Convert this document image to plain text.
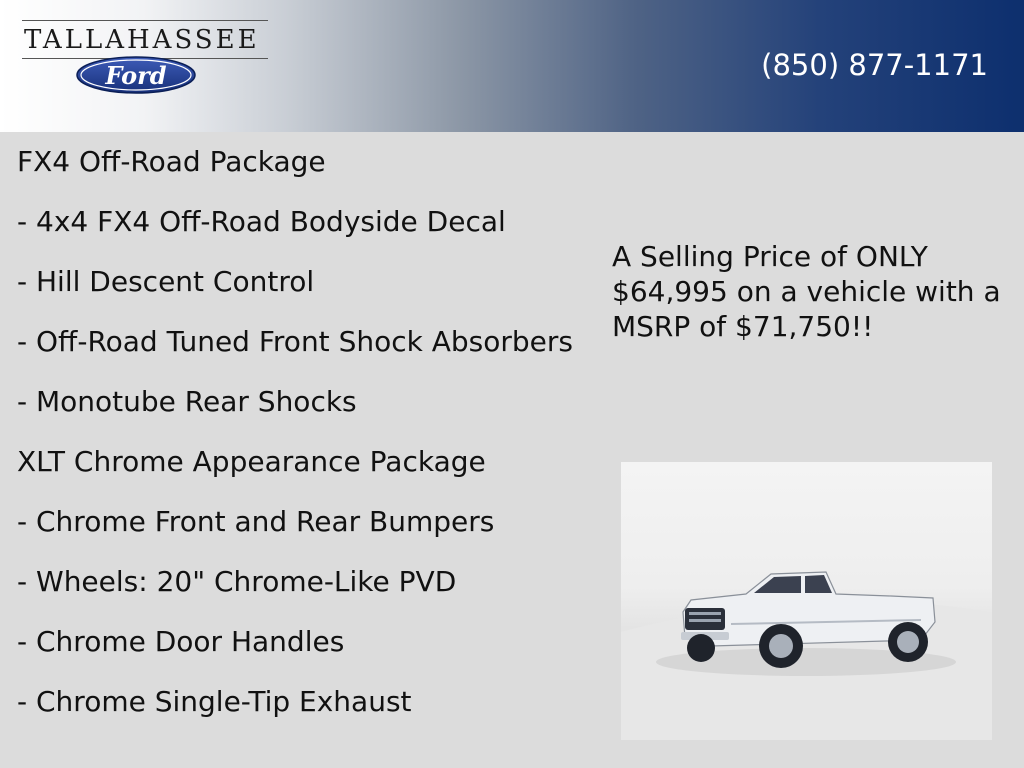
TALLAHASSEE
Ford	(850) 877-1171
FX4 Off-Road Package
- 4x4 FX4 Off-Road Bodyside Decal
- Hill Descent Control
- Off-Road Tuned Front Shock Absorbers
- Monotube Rear Shocks
XLT Chrome Appearance Package
- Chrome Front and Rear Bumpers
- Wheels: 20" Chrome-Like PVD
- Chrome Door Handles
- Chrome Single-Tip Exhaust
A Selling Price of ONLY $64,995 on a vehicle with a MSRP of $71,750!!
